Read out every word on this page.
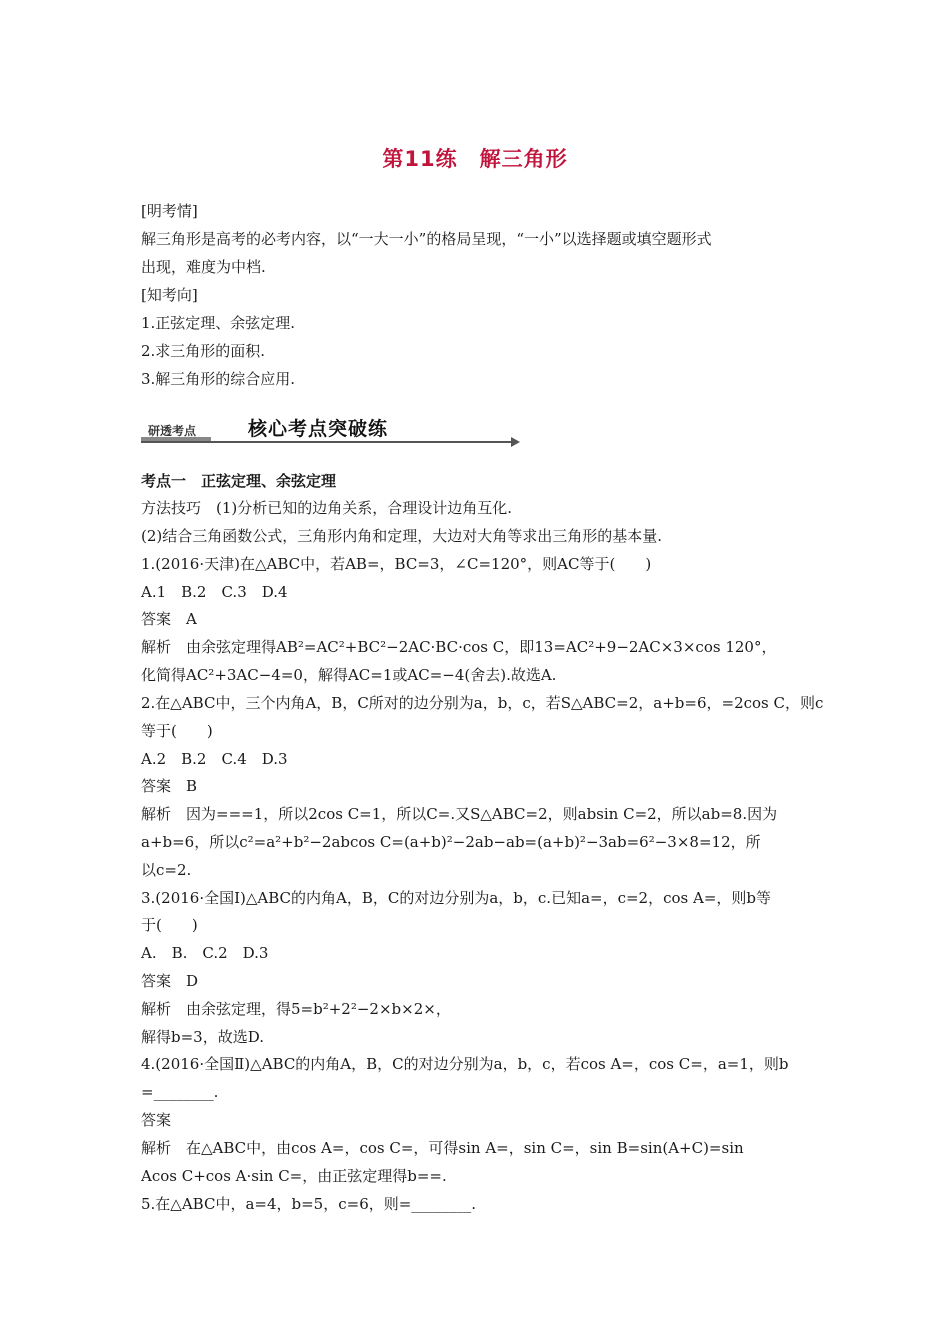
第11练　解三角形
[明考情]
解三角形是高考的必考内容，以“一大一小”的格局呈现，“一小”以选择题或填空题形式
出现，难度为中档.
[知考向]
1.正弦定理、余弦定理.
2.求三角形的面积.
3.解三角形的综合应用.
研透考点	核心考点突破练
考点一　正弦定理、余弦定理
方法技巧　(1)分析已知的边角关系，合理设计边角互化.
(2)结合三角函数公式，三角形内角和定理，大边对大角等求出三角形的基本量.
1.(2016·天津)在△ABC中，若AB=，BC=3，∠C=120°，则AC等于(　　)
A.1　B.2　C.3　D.4
答案　A
解析　由余弦定理得AB²=AC²+BC²−2AC·BC·cos C，即13=AC²+9−2AC×3×cos 120°，
化简得AC²+3AC−4=0，解得AC=1或AC=−4(舍去).故选A.
2.在△ABC中，三个内角A，B，C所对的边分别为a，b，c，若S△ABC=2，a+b=6，=2cos C，则c
等于(　　)
A.2　B.2　C.4　D.3
答案　B
解析　因为===1，所以2cos C=1，所以C=.又S△ABC=2，则absin C=2，所以ab=8.因为
a+b=6，所以c²=a²+b²−2abcos C=(a+b)²−2ab−ab=(a+b)²−3ab=6²−3×8=12，所
以c=2.
3.(2016·全国Ⅰ)△ABC的内角A，B，C的对边分别为a，b，c.已知a=，c=2，cos A=，则b等
于(　　)
A.　B.　C.2　D.3
答案　D
解析　由余弦定理，得5=b²+2²−2×b×2×，
解得b=3，故选D.
4.(2016·全国Ⅱ)△ABC的内角A，B，C的对边分别为a，b，c，若cos A=，cos C=，a=1，则b
=________.
答案
解析　在△ABC中，由cos A=，cos C=，可得sin A=，sin C=，sin B=sin(A+C)=sin
Acos C+cos A·sin C=，由正弦定理得b==.
5.在△ABC中，a=4，b=5，c=6，则=________.
